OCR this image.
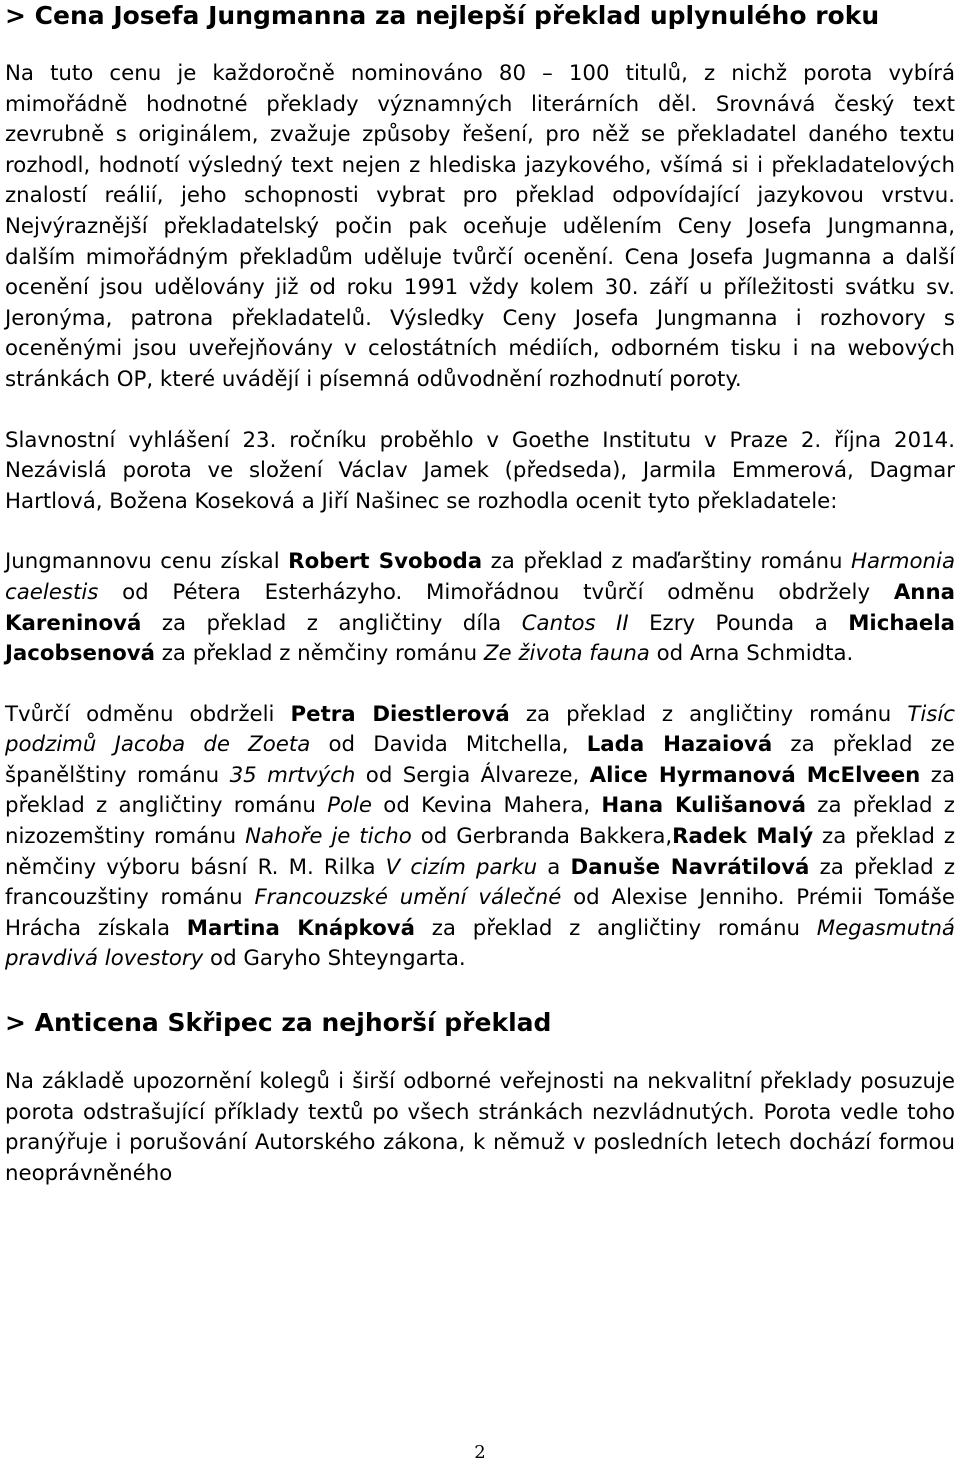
> Cena Josefa Jungmanna za nejlepší překlad uplynulého roku

Na tuto cenu je každoročně nominováno 80 – 100 titulů, z nichž porota vybírá mimořádně hodnotné překlady významných literárních děl. Srovnává český text zevrubně s originálem, zvažuje způsoby řešení, pro něž se překladatel daného textu rozhodl, hodnotí výsledný text nejen z hlediska jazykového, všímá si i překladatelových znalostí reálií, jeho schopnosti vybrat pro překlad odpovídající jazykovou vrstvu. Nejvýraznější překladatelský počin pak oceňuje udělením Ceny Josefa Jungmanna, dalším mimořádným překladům uděluje tvůrčí ocenění. Cena Josefa Jugmanna a další ocenění jsou udělovány již od roku 1991 vždy kolem 30. září u příležitosti svátku sv. Jeronýma, patrona překladatelů. Výsledky Ceny Josefa Jungmanna i rozhovory s oceněnými jsou uveřejňovány v celostátních médiích, odborném tisku i na webových stránkách OP, které uvádějí i písemná odůvodnění rozhodnutí poroty.

Slavnostní vyhlášení 23. ročníku proběhlo v Goethe Institutu v Praze 2. října 2014. Nezávislá porota ve složení Václav Jamek (předseda), Jarmila Emmerová, Dagmar Hartlová, Božena Koseková a Jiří Našinec se rozhodla ocenit tyto překladatele:

Jungmannovu cenu získal Robert Svoboda za překlad z maďarštiny románu Harmonia caelestis od Pétera Esterházyho. Mimořádnou tvůrčí odměnu obdržely Anna Kareninová za překlad z angličtiny díla Cantos II Ezry Pounda a Michaela Jacobsenová za překlad z němčiny románu Ze života fauna od Arna Schmidta.

Tvůrčí odměnu obdrželi Petra Diestlerová za překlad z angličtiny románu Tisíc podzimů Jacoba de Zoeta od Davida Mitchella, Lada Hazaiová za překlad ze španělštiny románu 35 mrtvých od Sergia Álvareze, Alice Hyrmanová McElveen za překlad z angličtiny románu Pole od Kevina Mahera, Hana Kulišanová za překlad z nizozemštiny románu Nahoře je ticho od Gerbranda Bakkera,Radek Malý za překlad z němčiny výboru básní R. M. Rilka V cizím parku a Danuše Navrátilová za překlad z francouzštiny románu Francouzské umění válečné od Alexise Jenniho. Prémii Tomáše Hrácha získala Martina Knápková za překlad z angličtiny románu Megasmutná pravdivá lovestory od Garyho Shteyngarta.

> Anticena Skřipec za nejhorší překlad

Na základě upozornění kolegů i širší odborné veřejnosti na nekvalitní překlady posuzuje porota odstrašující příklady textů po všech stránkách nezvládnutých. Porota vedle toho pranýřuje i porušování Autorského zákona, k němuž v posledních letech dochází formou neoprávněného

2
